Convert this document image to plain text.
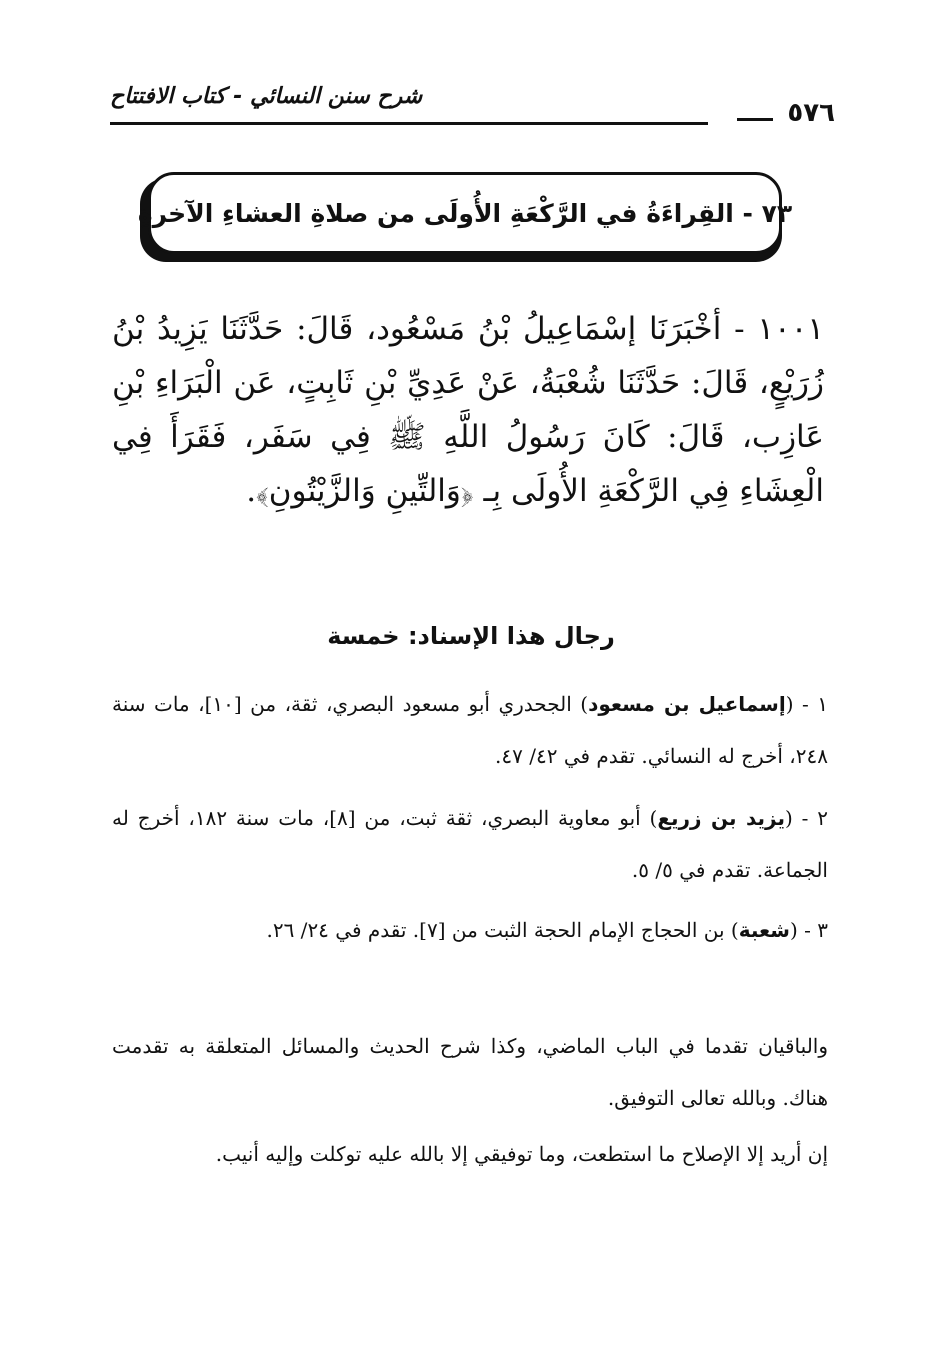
٥٧٦
شرح سنن النسائي - كتاب الافتتاح
٧٣ - القِراءَةُ في الرَّكْعَةِ الأُولَى من صلاةِ العشاءِ الآخرةِ
١٠٠١ - أخْبَرَنَا إسْمَاعِيلُ بْنُ مَسْعُود، قَالَ: حَدَّثَنَا يَزِيدُ بْنُ زُرَيْعٍ، قَالَ: حَدَّثَنَا شُعْبَةُ، عَنْ عَدِيِّ بْنِ ثَابِتٍ، عَن الْبَرَاءِ بْنِ عَازِب، قَالَ: كَانَ رَسُولُ اللَّهِ ﷺ فِي سَفَر، فَقَرَأَ فِي الْعِشَاءِ فِي الرَّكْعَةِ الأُولَى بِـ ﴿وَالتِّينِ وَالزَّيْتُونِ﴾.
رجال هذا الإسناد: خمسة
١ - (إسماعيل بن مسعود) الجحدري أبو مسعود البصري، ثقة، من [١٠]، مات سنة ٢٤٨، أخرج له النسائي. تقدم في ٤٢/ ٤٧.
٢ - (يزيد بن زريع) أبو معاوية البصري، ثقة ثبت، من [٨]، مات سنة ١٨٢، أخرج له الجماعة. تقدم في ٥/ ٥.
٣ - (شعبة) بن الحجاج الإمام الحجة الثبت من [٧]. تقدم في ٢٤/ ٢٦.
والباقيان تقدما في الباب الماضي، وكذا شرح الحديث والمسائل المتعلقة به تقدمت هناك. وبالله تعالى التوفيق.
إن أريد إلا الإصلاح ما استطعت، وما توفيقي إلا بالله عليه توكلت وإليه أنيب.
